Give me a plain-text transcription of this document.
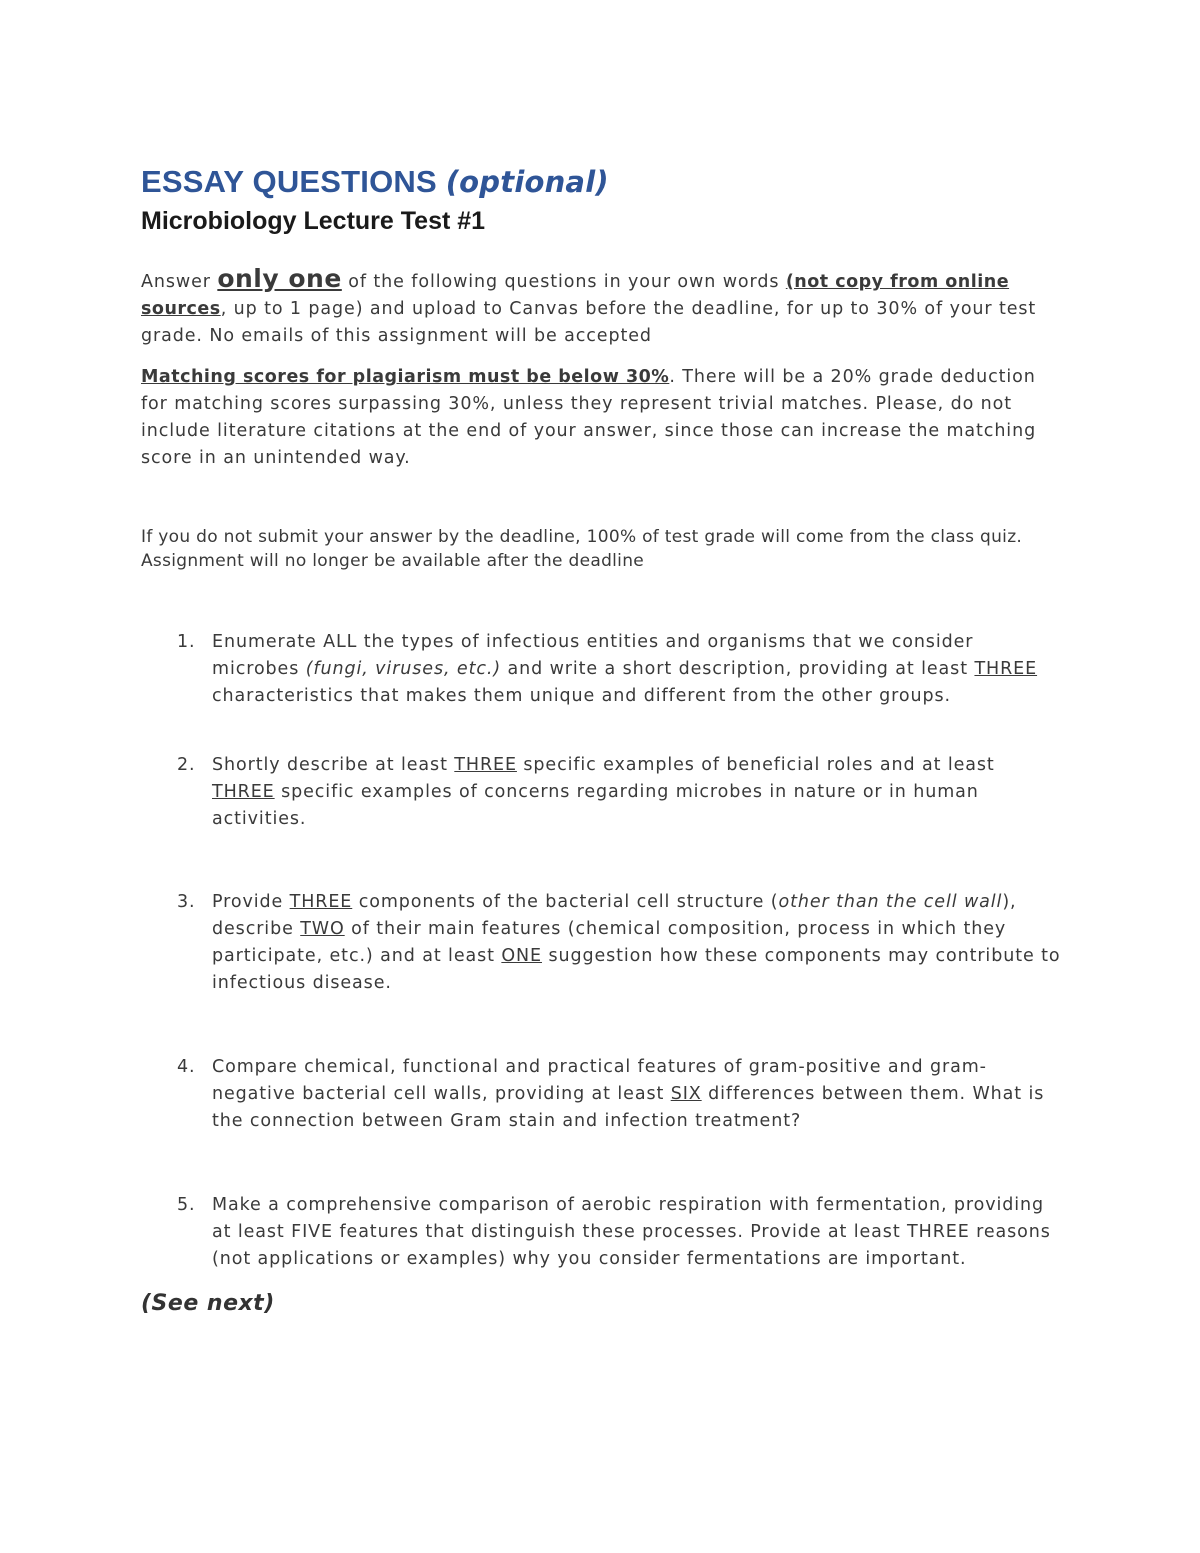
ESSAY QUESTIONS (optional)
Microbiology Lecture Test #1

Answer only one of the following questions in your own words (not copy from online sources, up to 1 page) and upload to Canvas before the deadline, for up to 30% of your test grade. No emails of this assignment will be accepted

Matching scores for plagiarism must be below 30%. There will be a 20% grade deduction for matching scores surpassing 30%, unless they represent trivial matches. Please, do not include literature citations at the end of your answer, since those can increase the matching score in an unintended way.

If you do not submit your answer by the deadline, 100% of test grade will come from the class quiz. Assignment will no longer be available after the deadline

1. Enumerate ALL the types of infectious entities and organisms that we consider microbes (fungi, viruses, etc.) and write a short description, providing at least THREE characteristics that makes them unique and different from the other groups.
2. Shortly describe at least THREE specific examples of beneficial roles and at least THREE specific examples of concerns regarding microbes in nature or in human activities.
3. Provide THREE components of the bacterial cell structure (other than the cell wall), describe TWO of their main features (chemical composition, process in which they participate, etc.) and at least ONE suggestion how these components may contribute to infectious disease.
4. Compare chemical, functional and practical features of gram-positive and gram-negative bacterial cell walls, providing at least SIX differences between them. What is the connection between Gram stain and infection treatment?
5. Make a comprehensive comparison of aerobic respiration with fermentation, providing at least FIVE features that distinguish these processes. Provide at least THREE reasons (not applications or examples) why you consider fermentations are important.

(See next)
